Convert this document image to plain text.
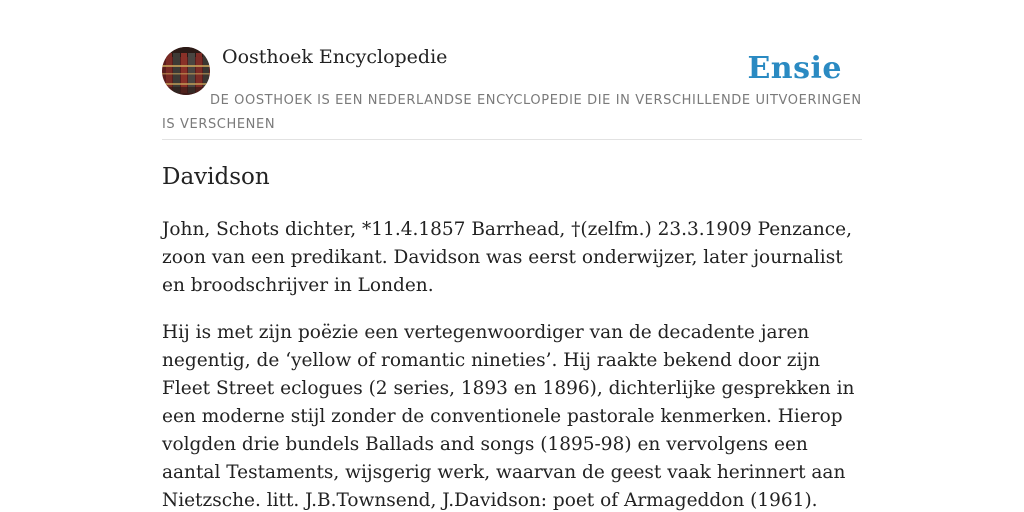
Oosthoek Encyclopedie	Ensie
DE OOSTHOEK IS EEN NEDERLANDSE ENCYCLOPEDIE DIE IN VERSCHILLENDE UITVOERINGEN IS VERSCHENEN
Davidson

John, Schots dichter, *11.4.1857 Barrhead, †(zelfm.) 23.3.1909 Penzance, zoon van een predikant. Davidson was eerst onderwijzer, later journalist en broodschrijver in Londen.

Hij is met zijn poëzie een vertegenwoordiger van de decadente jaren negentig, de ‘yellow of romantic nineties’. Hij raakte bekend door zijn Fleet Street eclogues (2 series, 1893 en 1896), dichterlijke gesprekken in een moderne stijl zonder de conventionele pastorale kenmerken. Hierop volgden drie bundels Ballads and songs (1895-98) en vervolgens een aantal Testaments, wijsgerig werk, waarvan de geest vaak herinnert aan Nietzsche. litt. J.B.Townsend, J.Davidson: poet of Armageddon (1961).
